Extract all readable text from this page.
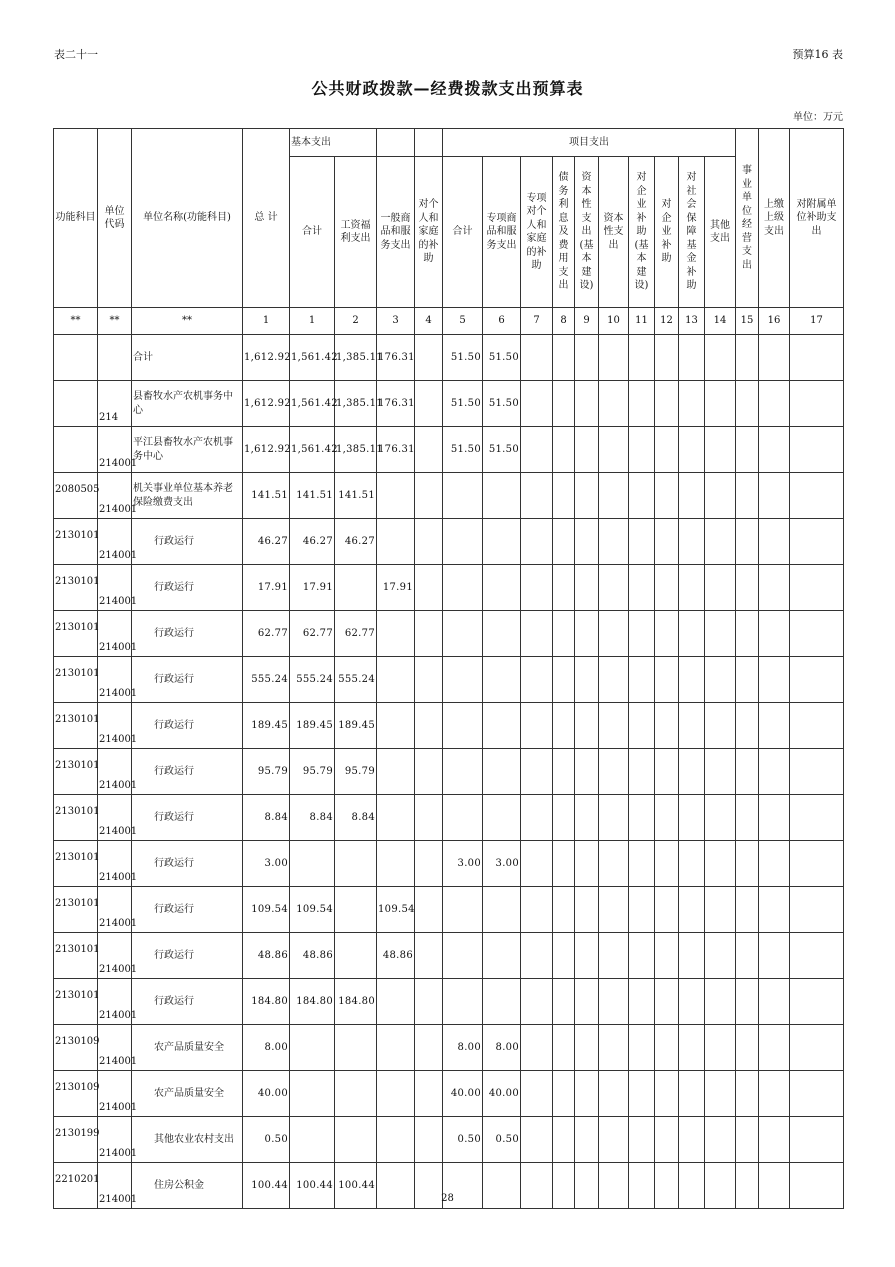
表二十一	预算16 表
公共财政拨款—经费拨款支出预算表
单位：万元
功能科目	单位代码	单位名称(功能科目)	总 计	基本支出				项目支出										事业单位经营支出	上缴上级支出	对附属单位补助支出
				合计	工资福利支出	一般商品和服务支出	对个人和家庭的补助	合计	专项商品和服务支出	专项对个人和家庭的补助	债务利息及费用支出	资本性支出(基本建设)	资本性支出	对企业补助(基本建设)	对企业补助	对社会保障基金补助	其他支出			
**	**	**	1	1	2	3	4	5	6	7	8	9	10	11	12	13	14	15	16	17
		合计	1,612.92	1,561.42	1,385.11	176.31		51.50	51.50											
	214	县畜牧水产农机事务中心	1,612.92	1,561.42	1,385.11	176.31		51.50	51.50											
	214001	平江县畜牧水产农机事务中心	1,612.92	1,561.42	1,385.11	176.31		51.50	51.50											
2080505	214001	机关事业单位基本养老保险缴费支出	141.51	141.51	141.51															
2130101	214001	行政运行	46.27	46.27	46.27															
2130101	214001	行政运行	17.91	17.91		17.91														
2130101	214001	行政运行	62.77	62.77	62.77															
2130101	214001	行政运行	555.24	555.24	555.24															
2130101	214001	行政运行	189.45	189.45	189.45															
2130101	214001	行政运行	95.79	95.79	95.79															
2130101	214001	行政运行	8.84	8.84	8.84															
2130101	214001	行政运行	3.00					3.00	3.00											
2130101	214001	行政运行	109.54	109.54		109.54														
2130101	214001	行政运行	48.86	48.86		48.86														
2130101	214001	行政运行	184.80	184.80	184.80															
2130109	214001	农产品质量安全	8.00					8.00	8.00											
2130109	214001	农产品质量安全	40.00					40.00	40.00											
2130199	214001	其他农业农村支出	0.50					0.50	0.50											
2210201	214001	住房公积金	100.44	100.44	100.44															
28
